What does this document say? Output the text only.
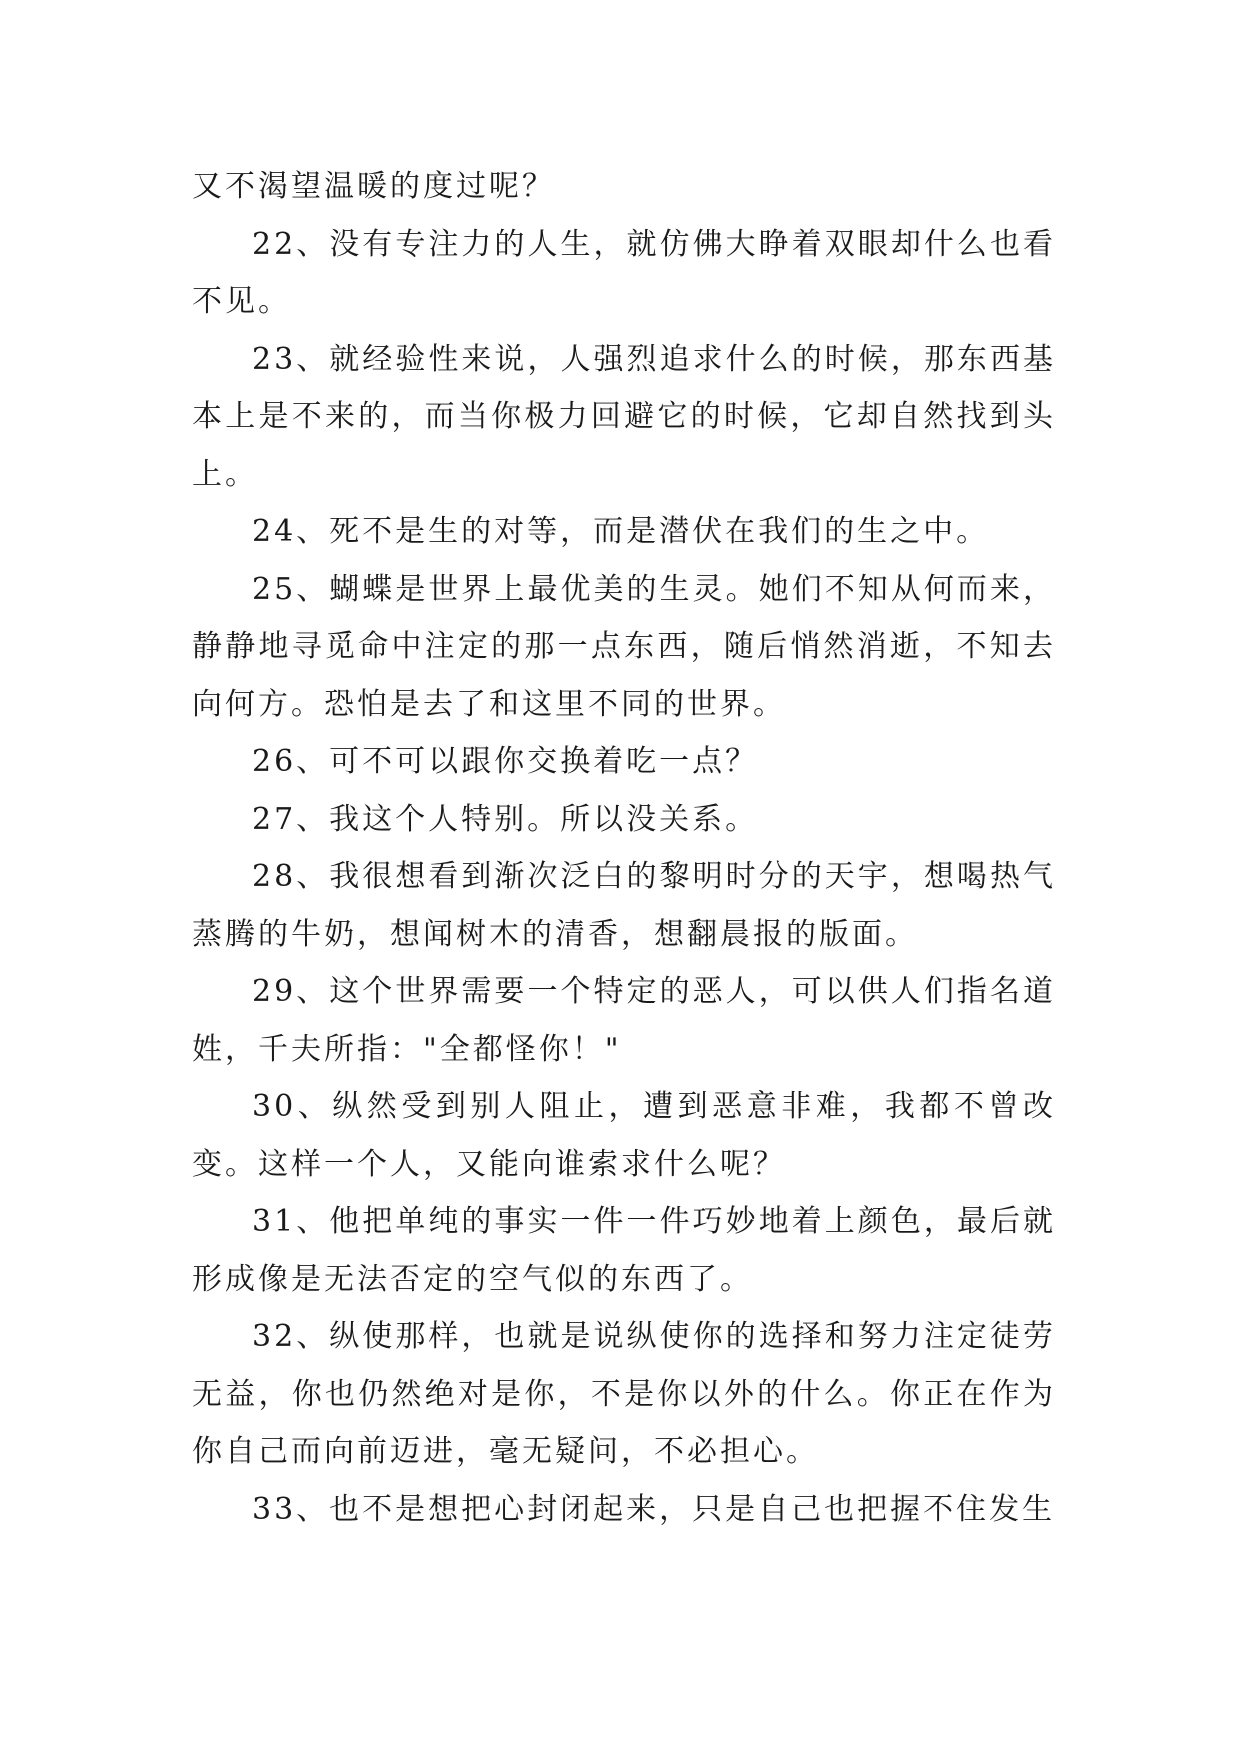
又不渴望温暖的度过呢？

22、没有专注力的人生，就仿佛大睁着双眼却什么也看不见。

23、就经验性来说，人强烈追求什么的时候，那东西基本上是不来的，而当你极力回避它的时候，它却自然找到头上。

24、死不是生的对等，而是潜伏在我们的生之中。

25、蝴蝶是世界上最优美的生灵。她们不知从何而来，静静地寻觅命中注定的那一点东西，随后悄然消逝，不知去向何方。恐怕是去了和这里不同的世界。

26、可不可以跟你交换着吃一点？

27、我这个人特别。所以没关系。

28、我很想看到渐次泛白的黎明时分的天宇，想喝热气蒸腾的牛奶，想闻树木的清香，想翻晨报的版面。

29、这个世界需要一个特定的恶人，可以供人们指名道姓，千夫所指："全都怪你！"

30、纵然受到别人阻止，遭到恶意非难，我都不曾改变。这样一个人，又能向谁索求什么呢？

31、他把单纯的事实一件一件巧妙地着上颜色，最后就形成像是无法否定的空气似的东西了。

32、纵使那样，也就是说纵使你的选择和努力注定徒劳无益，你也仍然绝对是你，不是你以外的什么。你正在作为你自己而向前迈进，毫无疑问，不必担心。

33、也不是想把心封闭起来，只是自己也把握不住发生
